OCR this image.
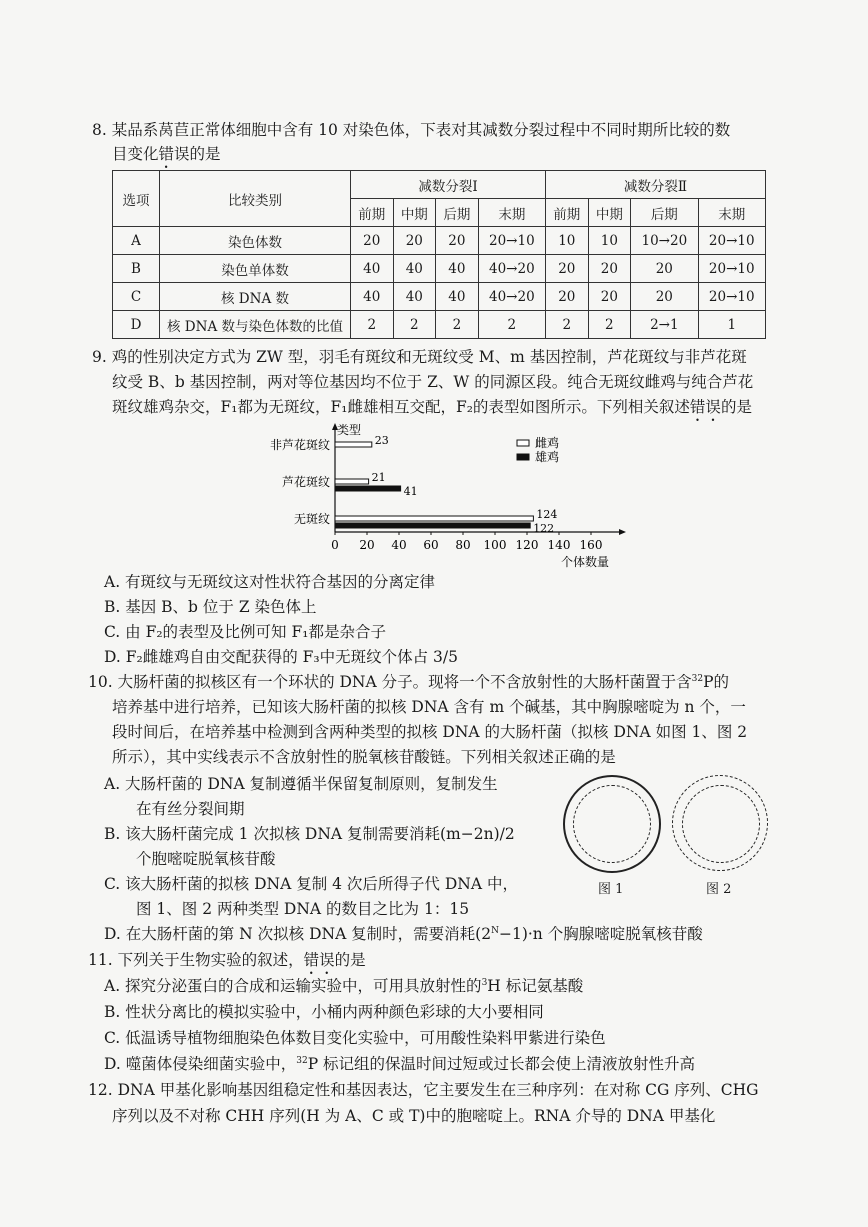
8. 某品系莴苣正常体细胞中含有 10 对染色体，下表对其减数分裂过程中不同时期所比较的数
目变化错误的是
选项	比较类别	减数分裂Ⅰ				减数分裂Ⅱ			
		前期	中期	后期	末期	前期	中期	后期	末期
A	染色体数	20	20	20	20→10	10	10	10→20	20→10
B	染色单体数	40	40	40	40→20	20	20	20	20→10
C	核 DNA 数	40	40	40	40→20	20	20	20	20→10
D	核 DNA 数与染色体数的比值	2	2	2	2	2	2	2→1	1
9. 鸡的性别决定方式为 ZW 型，羽毛有斑纹和无斑纹受 M、m 基因控制，芦花斑纹与非芦花斑
纹受 B、b 基因控制，两对等位基因均不位于 Z、W 的同源区段。纯合无斑纹雌鸡与纯合芦花
斑纹雄鸡杂交，F₁都为无斑纹，F₁雌雄相互交配，F₂的表型如图所示。下列相关叙述错误的是
类型
个体数量
0 20 40 60 80 100 120 140 160
非芦花斑纹	23
芦花斑纹	21
41
无斑纹	124
122
雌鸡
雄鸡
A. 有斑纹与无斑纹这对性状符合基因的分离定律
B. 基因 B、b 位于 Z 染色体上
C. 由 F₂的表型及比例可知 F₁都是杂合子
D. F₂雌雄鸡自由交配获得的 F₃中无斑纹个体占 3/5
10. 大肠杆菌的拟核区有一个环状的 DNA 分子。现将一个不含放射性的大肠杆菌置于含$^{32}$P的
培养基中进行培养，已知该大肠杆菌的拟核 DNA 含有 m 个碱基，其中胸腺嘧啶为 n 个，一
段时间后，在培养基中检测到含两种类型的拟核 DNA 的大肠杆菌（拟核 DNA 如图 1、图 2
所示），其中实线表示不含放射性的脱氧核苷酸链。下列相关叙述正确的是
A. 大肠杆菌的 DNA 复制遵循半保留复制原则，复制发生
在有丝分裂间期
B. 该大肠杆菌完成 1 次拟核 DNA 复制需要消耗(m−2n)/2
个胞嘧啶脱氧核苷酸
C. 该大肠杆菌的拟核 DNA 复制 4 次后所得子代 DNA 中，
图 1、图 2 两种类型 DNA 的数目之比为 1：15
D. 在大肠杆菌的第 N 次拟核 DNA 复制时，需要消耗$(2^N-1)\cdot n$ 个胸腺嘧啶脱氧核苷酸
图 1	图 2
11. 下列关于生物实验的叙述，错误的是
A. 探究分泌蛋白的合成和运输实验中，可用具放射性的$^3$H 标记氨基酸
B. 性状分离比的模拟实验中，小桶内两种颜色彩球的大小要相同
C. 低温诱导植物细胞染色体数目变化实验中，可用酸性染料甲紫进行染色
D. 噬菌体侵染细菌实验中，$^{32}$P 标记组的保温时间过短或过长都会使上清液放射性升高
12. DNA 甲基化影响基因组稳定性和基因表达，它主要发生在三种序列：在对称 CG 序列、CHG
序列以及不对称 CHH 序列(H 为 A、C 或 T)中的胞嘧啶上。RNA 介导的 DNA 甲基化
